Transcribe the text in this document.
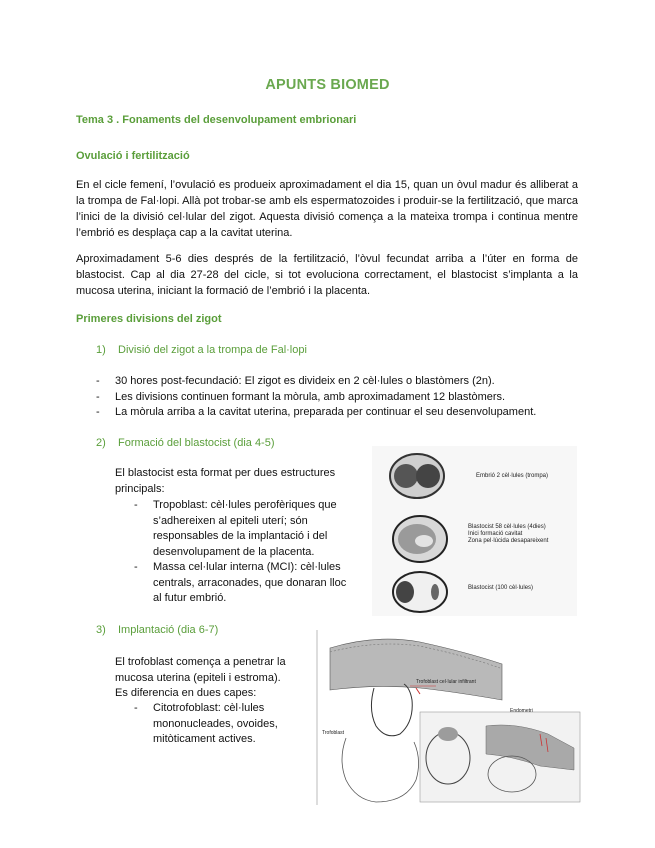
APUNTS BIOMED
Tema 3 . Fonaments del desenvolupament embrionari
Ovulació i fertilització
En el cicle femení, l’ovulació es produeix aproximadament el dia 15, quan un òvul madur és alliberat a la trompa de Fal·lopi. Allà pot trobar-se amb els espermatozoides i produir-se la fertilització, que marca l’inici de la divisió cel·lular del zigot. Aquesta divisió comença a la mateixa trompa i continua mentre l’embrió es desplaça cap a la cavitat uterina.
Aproximadament 5-6 dies després de la fertilització, l’òvul fecundat arriba a l’úter en forma de blastocist. Cap al dia 27-28 del cicle, si tot evoluciona correctament, el blastocist s’implanta a la mucosa uterina, iniciant la formació de l’embrió i la placenta.
Primeres divisions del zigot
1) Divisió del zigot a la trompa de Fal·lopi
- 30 hores post-fecundació: El zigot es divideix en 2 cèl·lules o blastòmers (2n).
- Les divisions continuen formant la mòrula, amb aproximadament 12 blastòmers.
- La mòrula arriba a la cavitat uterina, preparada per continuar el seu desenvolupament.
2) Formació del blastocist (dia 4-5)
El blastocist esta format per dues estructures
principals:
- Tropoblast: cèl·lules perofèriques que
s’adhereixen al epiteli uterí; són
responsables de la implantació i del
desenvolupament de la placenta.
- Massa cel·lular interna (MCI): cèl·lules
centrals, arraconades, que donaran lloc
al futur embrió.
3) Implantació (dia 6-7)
El trofoblast comença a penetrar la
mucosa uterina (epiteli i estroma).
Es diferencia en dues capes:
- Citotrofoblast: cèl·lules
mononucleades, ovoides,
mitòticament actives.
Embrió 2 cèl·lules (trompa)
Blastocist 58 cèl·lules (4dies)
Inici formació cavitat
Zona pel·lúcida desapareixent
Blastocist (100 cèl·lules)
Trofoblast cel·lular infiltrant
Trofoblast
Endometri
